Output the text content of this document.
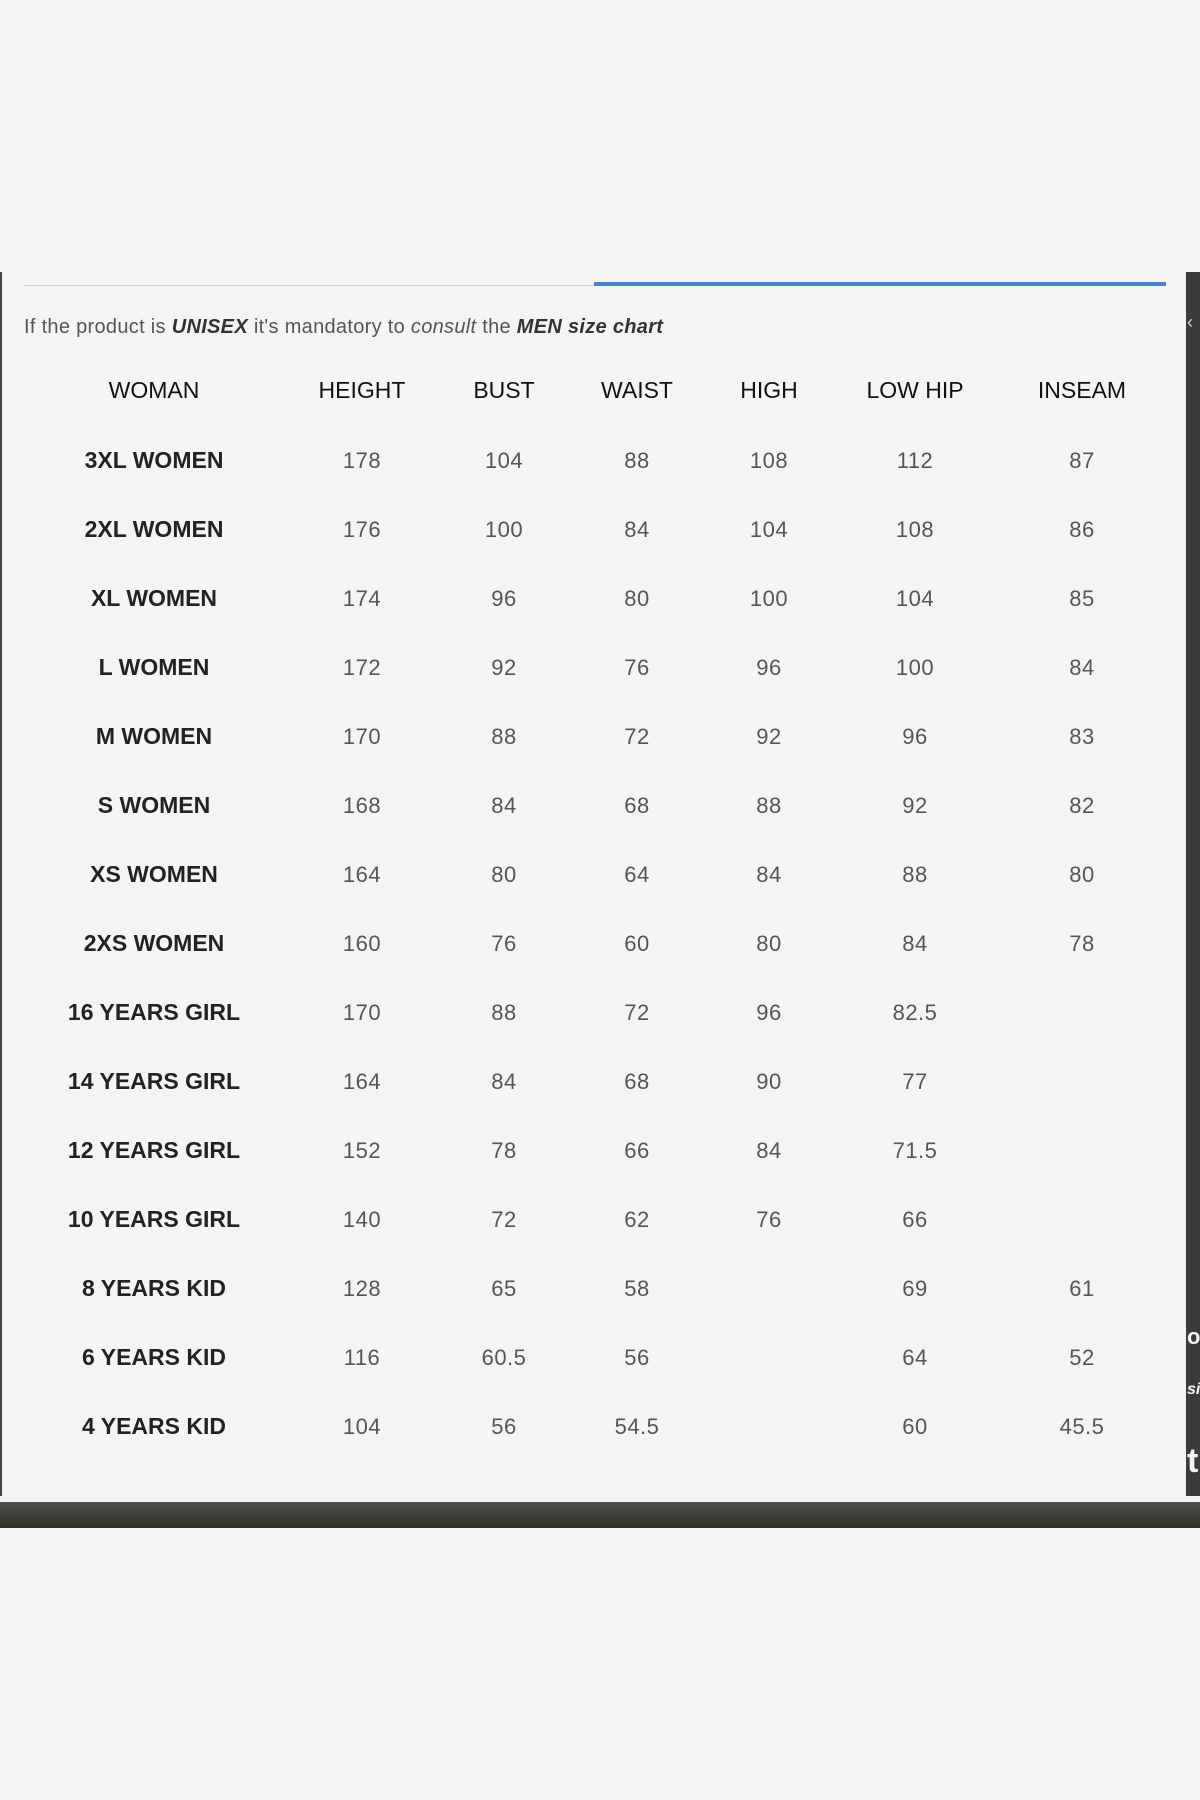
‹
o
si
t
If the product is UNISEX it's mandatory to consult the MEN size chart
WOMAN	HEIGHT	BUST	WAIST	HIGH	LOW HIP	INSEAM
3XL WOMEN	178	104	88	108	112	87
2XL WOMEN	176	100	84	104	108	86
XL WOMEN	174	96	80	100	104	85
L WOMEN	172	92	76	96	100	84
M WOMEN	170	88	72	92	96	83
S WOMEN	168	84	68	88	92	82
XS WOMEN	164	80	64	84	88	80
2XS WOMEN	160	76	60	80	84	78
16 YEARS GIRL	170	88	72	96	82.5	
14 YEARS GIRL	164	84	68	90	77	
12 YEARS GIRL	152	78	66	84	71.5	
10 YEARS GIRL	140	72	62	76	66	
8 YEARS KID	128	65	58		69	61
6 YEARS KID	116	60.5	56		64	52
4 YEARS KID	104	56	54.5		60	45.5
